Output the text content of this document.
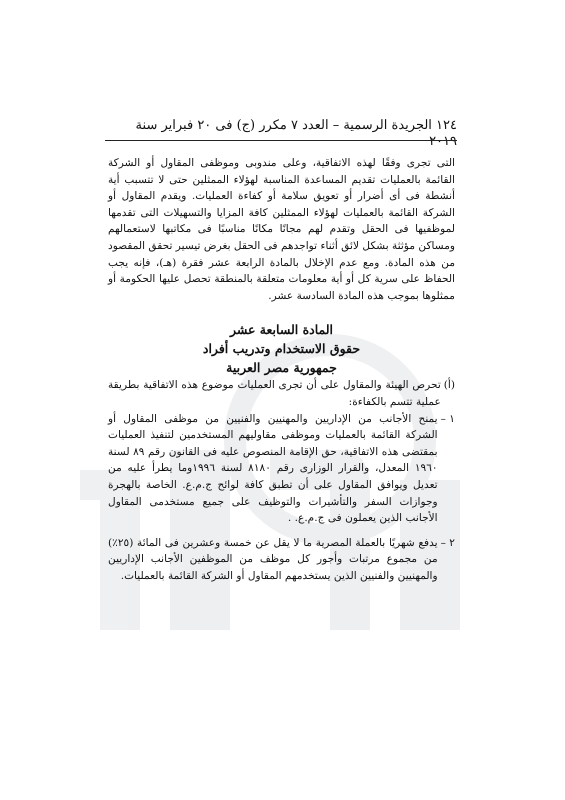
١٢٤ الجريدة الرسمية – العدد ٧ مكرر (ج) فى ٢٠ فبراير سنة ٢٠١٩

التى تجرى وفقًا لهذه الاتفاقية، وعلى مندوبى وموظفى المقاول أو الشركة القائمة بالعمليات تقديم المساعدة المناسبة لهؤلاء الممثلين حتى لا تتسبب أية أنشطة فى أى أضرار أو تعويق سلامة أو كفاءة العمليات. ويقدم المقاول أو الشركة القائمة بالعمليات لهؤلاء الممثلين كافة المزايا والتسهيلات التى تقدمها لموظفيها فى الحقل وتقدم لهم مجانًا مكانًا مناسبًا فى مكاتبها لاستعمالهم ومساكن مؤثثة بشكل لائق أثناء تواجدهم فى الحقل بغرض تيسير تحقق المقصود من هذه المادة. ومع عدم الإخلال بالمادة الرابعة عشر فقرة (هـ)، فإنه يجب الحفاظ على سرية كل أو أية معلومات متعلقة بالمنطقة تحصل عليها الحكومة أو ممثلوها بموجب هذه المادة السادسة عشر.

المادة السابعة عشر
حقوق الاستخدام وتدريب أفراد
جمهورية مصر العربية
(أ)
تحرص الهيئة والمقاول على أن تجرى العمليات موضوع هذه الاتفاقية بطريقة عملية تتسم بالكفاءة:
١ –
يمنح الأجانب من الإداريين والمهنيين والفنيين من موظفى المقاول أو الشركة القائمة بالعمليات وموظفى مقاوليهم المستخدمين لتنفيذ العمليات بمقتضى هذه الاتفاقية، حق الإقامة المنصوص عليه فى القانون رقم ٨٩ لسنة ١٩٦٠ المعدل، والقرار الوزارى رقم ٨١٨٠ لسنة ١٩٩٦وما يطرأ عليه من تعديل ويوافق المقاول على أن تطبق كافة لوائح ج.م.ع. الخاصة بالهجرة وجوازات السفر والتأشيرات والتوظيف على جميع مستخدمى المقاول الأجانب الذين يعملون فى ج.م.ع. .
٢ –
يدفع شهريًا بالعملة المصرية ما لا يقل عن خمسة وعشرين فى المائة (٢٥٪) من مجموع مرتبات وأجور كل موظف من الموظفين الأجانب الإداريين والمهنيين والفنيين الذين يستخدمهم المقاول أو الشركة القائمة بالعمليات.
